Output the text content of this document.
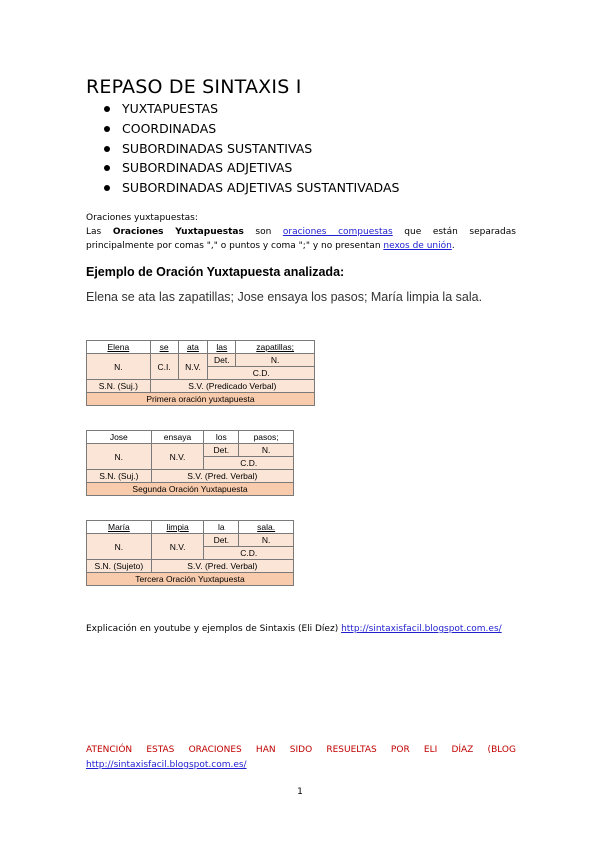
REPASO DE SINTAXIS I
YUXTAPUESTAS
COORDINADAS
SUBORDINADAS SUSTANTIVAS
SUBORDINADAS ADJETIVAS
SUBORDINADAS ADJETIVAS SUSTANTIVADAS
Oraciones yuxtapuestas:
Las Oraciones Yuxtapuestas son oraciones compuestas que están separadas principalmente por comas "," o puntos y coma ";" y no presentan nexos de unión.
Ejemplo de Oración Yuxtapuesta analizada:
Elena se ata las zapatillas; Jose ensaya los pasos; María limpia la sala.
Elena	se	ata	las	zapatillas;
N.	C.I.	N.V.	Det.	N.
			C.D.	
S.N. (Suj.)	S.V. (Predicado Verbal)			
Primera oración yuxtapuesta				
Jose	ensaya	los	pasos;
N.	N.V.	Det.	N.
		C.D.	
S.N. (Suj.)	S.V. (Pred. Verbal)		
Segunda Oración Yuxtapuesta			
María	limpia	la	sala.
N.	N.V.	Det.	N.
		C.D.	
S.N. (Sujeto)	S.V. (Pred. Verbal)		
Tercera Oración Yuxtapuesta			
Explicación en youtube y ejemplos de Sintaxis (Eli Díez) http://sintaxisfacil.blogspot.com.es/
ATENCIÓN ESTAS ORACIONES HAN SIDO RESUELTAS POR ELI DÍAZ (BLOG
http://sintaxisfacil.blogspot.com.es/
1
